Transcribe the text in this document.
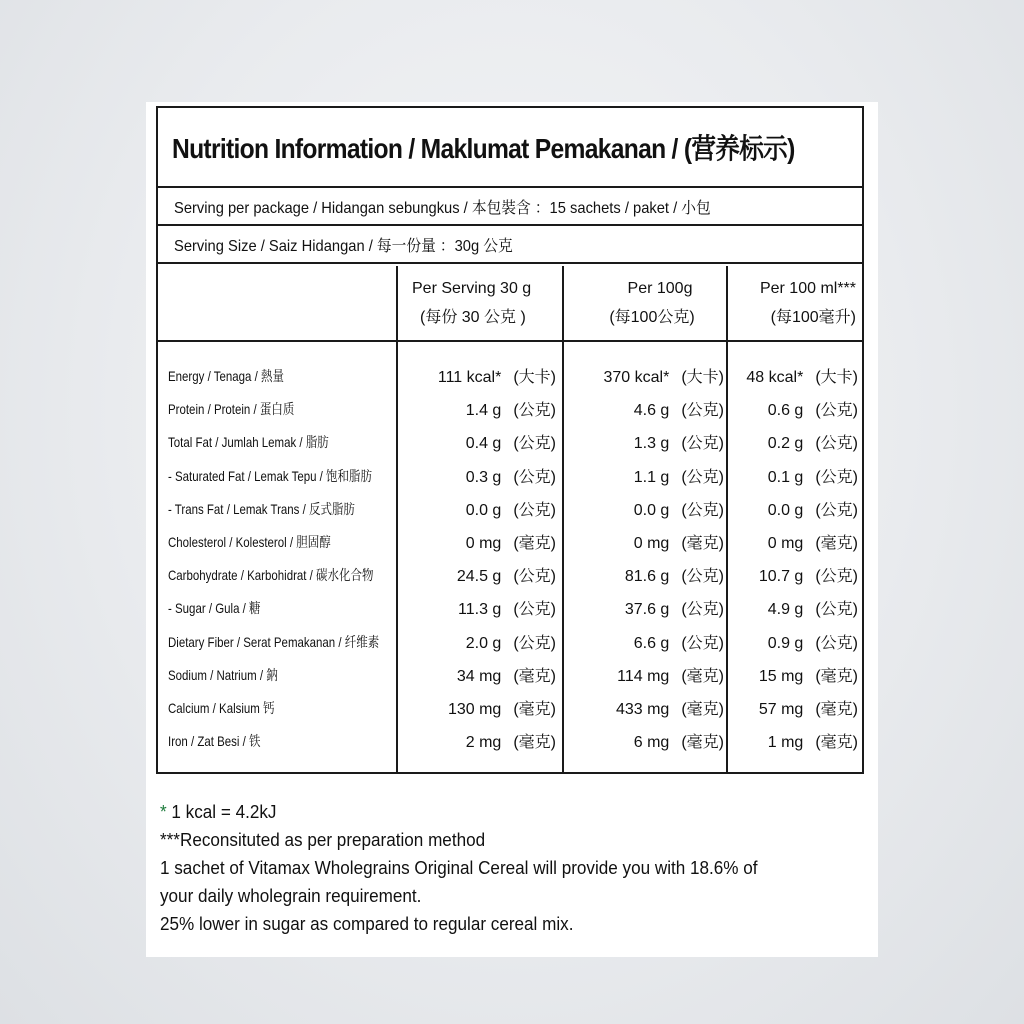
Nutrition Information / Maklumat Pemakanan / (营养标示)
Serving per package / Hidangan sebungkus / 本包裝含 ：15 sachets / paket / 小包
Serving Size / Saiz Hidangan / 每一份量 ：30g 公克
Per Serving 30 g
(每份 30 公克 )
Per 100g
(每100公克)
Per 100 ml***
(每100毫升)
Energy / Tenaga / 熱量	111 kcal* (大卡)	370 kcal* (大卡) 48 kcal* (大卡)
Protein / Protein / 蛋白质	1.4 g (公克)	4.6 g (公克)	0.6 g (公克)
Total Fat / Jumlah Lemak / 脂肪	0.4 g (公克)	1.3 g (公克)	0.2 g (公克)
- Saturated Fat / Lemak Tepu / 饱和脂肪	0.3 g (公克)	1.1 g (公克)	0.1 g (公克)
- Trans Fat / Lemak Trans / 反式脂肪	0.0 g (公克)	0.0 g (公克)	0.0 g (公克)
Cholesterol / Kolesterol / 胆固醇	0 mg (毫克)	0 mg (毫克)	0 mg (毫克)
Carbohydrate / Karbohidrat / 碳水化合物	24.5 g (公克)	81.6 g (公克) 10.7 g (公克)
- Sugar / Gula / 糖	11.3 g (公克)	37.6 g (公克)	4.9 g (公克)
Dietary Fiber / Serat Pemakanan / 纤维素	2.0 g (公克)	6.6 g (公克)	0.9 g (公克)
Sodium / Natrium / 鈉	34 mg (毫克)	114 mg (毫克) 15 mg (毫克)
Calcium / Kalsium 钙	130 mg (毫克)	433 mg (毫克) 57 mg (毫克)
Iron / Zat Besi / 铁	2 mg (毫克)	6 mg (毫克)	1 mg (毫克)
* 1 kcal = 4.2kJ
***Reconsituted as per preparation method
1 sachet of Vitamax Wholegrains Original Cereal will provide you with 18.6% of
your daily wholegrain requirement.
25% lower in sugar as compared to regular cereal mix.
